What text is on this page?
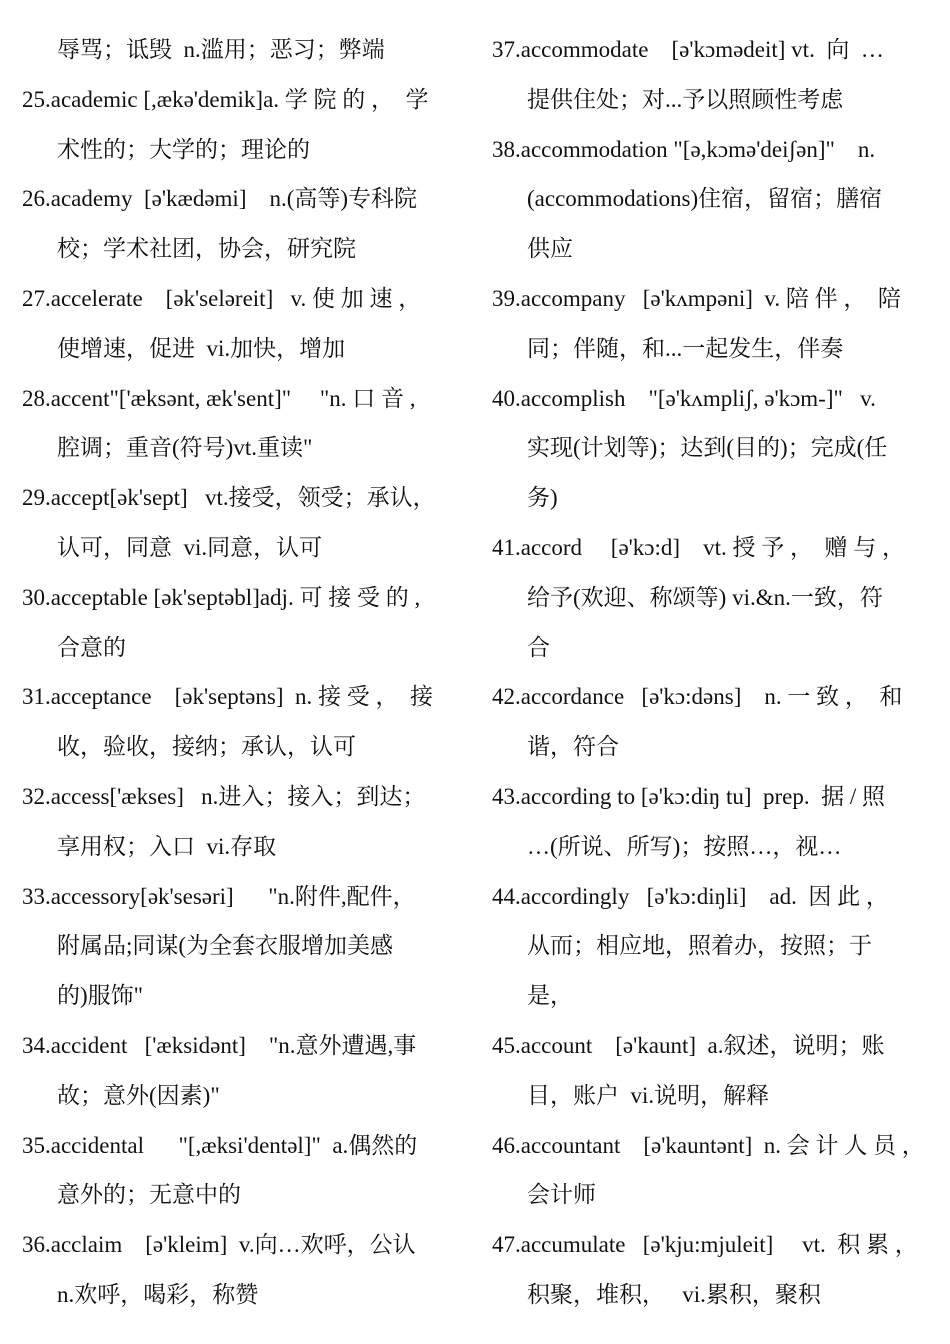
辱骂；诋毁  n.滥用；恶习；弊端
25.academic [,ækə'demik]a. 学 院 的 ，  学
术性的；大学的；理论的
26.academy  [ə'kædəmi]    n.(高等)专科院
校；学术社团，协会，研究院
27.accelerate    [ək'seləreit]   v. 使 加 速 ，
使增速，促进  vi.加快，增加
28.accent"['æksənt, æk'sent]"     "n. 口 音 ,
腔调；重音(符号)vt.重读"
29.accept[ək'sept]   vt.接受，领受；承认，
认可，同意  vi.同意，认可
30.acceptable [ək'septəbl]adj. 可 接 受 的 ,
合意的
31.acceptance    [ək'septəns]  n. 接 受 ，  接
收，验收，接纳；承认，认可
32.access['ækses]   n.进入；接入；到达；
享用权；入口  vi.存取
33.accessory[ək'sesəri]      "n.附件,配件，
附属品;同谋(为全套衣服增加美感
的)服饰"
34.accident   ['æksidənt]    "n.意外遭遇,事
故；意外(因素)"
35.accidental      "[,æksi'dentəl]"  a.偶然的
意外的；无意中的
36.acclaim    [ə'kleim]  v.向…欢呼，公认
n.欢呼，喝彩，称赞
37.accommodate    [ə'kɔmədeit] vt.  向  …
提供住处；对...予以照顾性考虑
38.accommodation "[ə,kɔmə'deiʃən]"    n.
(accommodations)住宿，留宿；膳宿
供应
39.accompany   [ə'kʌmpəni]  v. 陪 伴 ，  陪
同；伴随，和...一起发生，伴奏
40.accomplish    "[ə'kʌmpliʃ, ə'kɔm-]"   v.
实现(计划等)；达到(目的)；完成(任
务)
41.accord     [ə'kɔ:d]    vt. 授 予 ，  赠 与 ，
给予(欢迎、称颂等) vi.&n.一致，符
合
42.accordance   [ə'kɔ:dəns]    n. 一 致 ，  和
谐，符合
43.according to [ə'kɔ:diŋ tu]  prep.  据 / 照
…(所说、所写)；按照…，视…
44.accordingly   [ə'kɔ:diŋli]    ad.  因 此 ，
从而；相应地，照着办，按照；于
是，
45.account    [ə'kaunt]  a.叙述，说明；账
目，账户  vi.说明，解释
46.accountant    [ə'kauntənt]  n. 会 计 人 员 ，
会计师
47.accumulate   [ə'kju:mjuleit]     vt.  积 累 ，
积聚，堆积，   vi.累积，聚积
